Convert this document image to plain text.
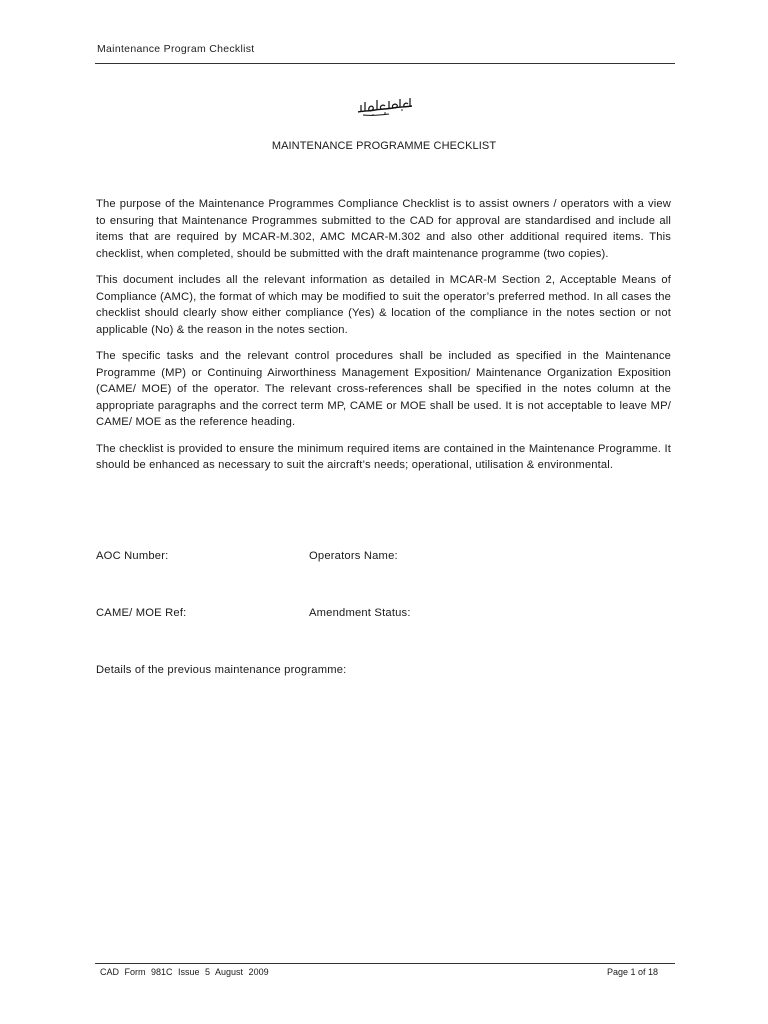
Maintenance Program Checklist
MAINTENANCE PROGRAMME CHECKLIST

The purpose of the Maintenance Programmes Compliance Checklist is to assist owners / operators with a view to ensuring that Maintenance Programmes submitted to the CAD for approval are standardised and include all items that are required by MCAR-M.302, AMC MCAR-M.302 and also other additional required items. This checklist, when completed, should be submitted with the draft maintenance programme (two copies).

This document includes all the relevant information as detailed in MCAR-M Section 2, Acceptable Means of Compliance (AMC), the format of which may be modified to suit the operator’s preferred method. In all cases the checklist should clearly show either compliance (Yes) & location of the compliance in the notes section or not applicable (No) & the reason in the notes section.

The specific tasks and the relevant control procedures shall be included as specified in the Maintenance Programme (MP) or Continuing Airworthiness Management Exposition/ Maintenance Organization Exposition (CAME/ MOE) of the operator. The relevant cross-references shall be specified in the notes column at the appropriate paragraphs and the correct term MP, CAME or MOE shall be used. It is not acceptable to leave MP/ CAME/ MOE as the reference heading.

The checklist is provided to ensure the minimum required items are contained in the Maintenance Programme. It should be enhanced as necessary to suit the aircraft’s needs; operational, utilisation & environmental.

AOC Number:	Operators Name:
CAME/ MOE Ref:	Amendment Status:
Details of the previous maintenance programme:
CAD Form 981C Issue 5 August 2009	Page 1 of 18
